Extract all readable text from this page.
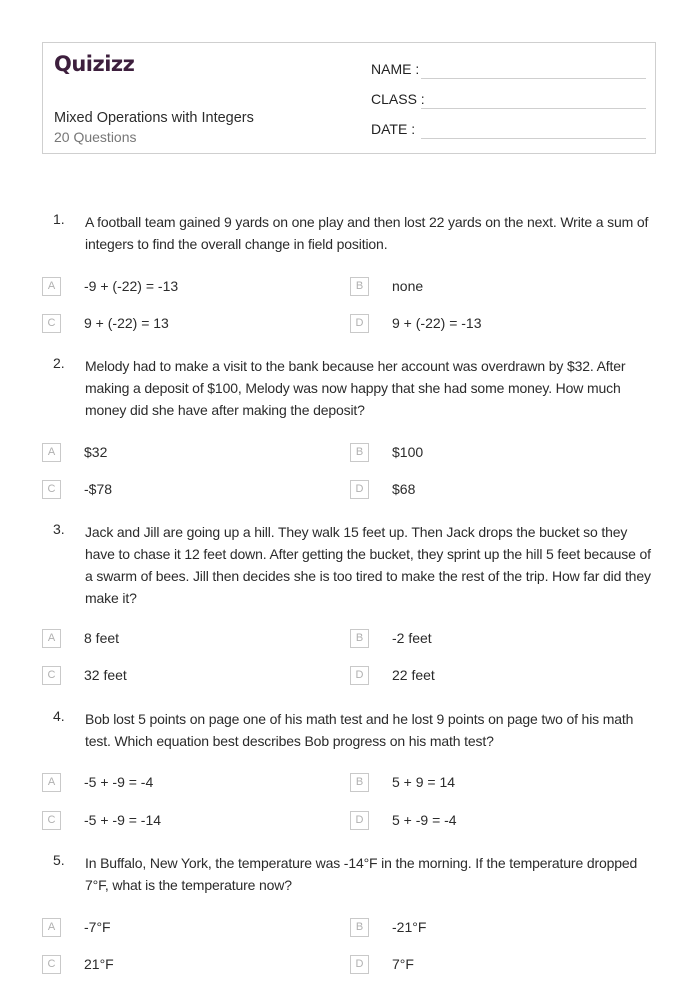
Quizizz
Mixed Operations with Integers
20 Questions
NAME :
CLASS :
DATE :
1. A football team gained 9 yards on one play and then lost 22 yards on the next. Write a sum of integers to find the overall change in field position.
A	-9 + (-22) = -13	B	none
C	9 + (-22) = 13	D	9 + (-22) = -13
2. Melody had to make a visit to the bank because her account was overdrawn by $32. After making a deposit of $100, Melody was now happy that she had some money. How much money did she have after making the deposit?
A	$32	B	$100
C	-$78	D	$68
3. Jack and Jill are going up a hill. They walk 15 feet up. Then Jack drops the bucket so they have to chase it 12 feet down. After getting the bucket, they sprint up the hill 5 feet because of a swarm of bees. Jill then decides she is too tired to make the rest of the trip. How far did they make it?
A	8 feet	B	-2 feet
C	32 feet	D	22 feet
4. Bob lost 5 points on page one of his math test and he lost 9 points on page two of his math test. Which equation best describes Bob progress on his math test?
A	-5 + -9 = -4	B	5 + 9 = 14
C	-5 + -9 = -14	D	5 + -9 = -4
5. In Buffalo, New York, the temperature was -14°F in the morning. If the temperature dropped 7°F, what is the temperature now?
A	-7°F	B	-21°F
C	21°F	D	7°F
